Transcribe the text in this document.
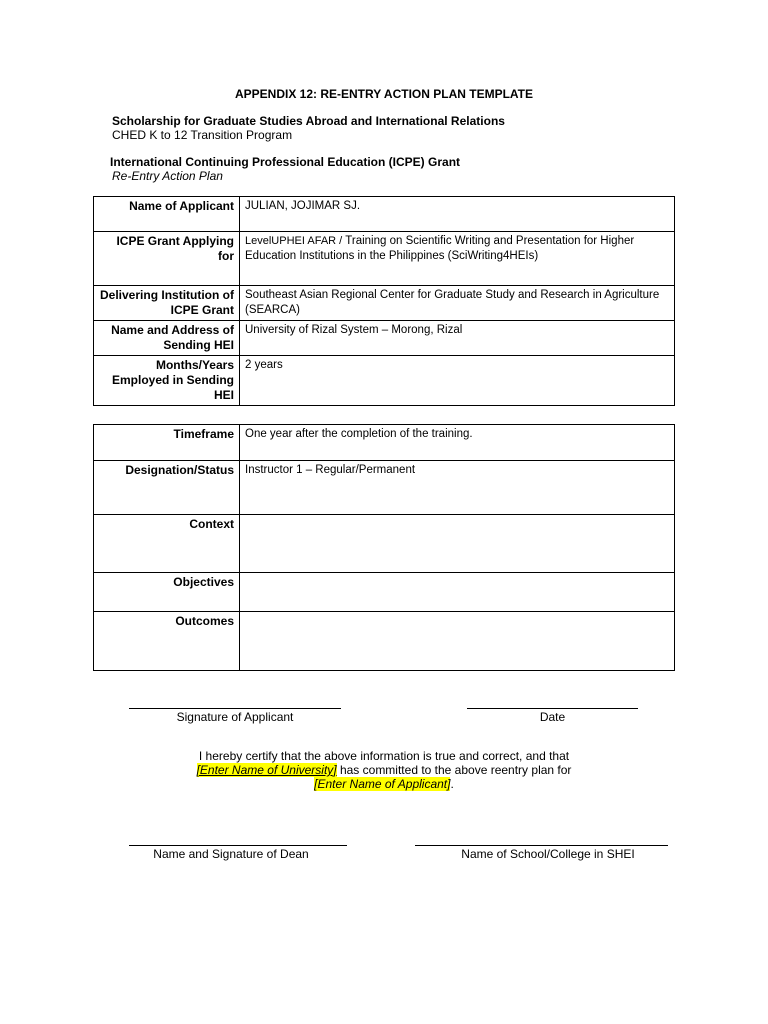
APPENDIX 12: RE-ENTRY ACTION PLAN TEMPLATE
Scholarship for Graduate Studies Abroad and International Relations
CHED K to 12 Transition Program
International Continuing Professional Education (ICPE) Grant
Re-Entry Action Plan
Name of Applicant	JULIAN, JOJIMAR SJ.
ICPE Grant Applying for	LevelUPHEI AFAR / Training on Scientific Writing and Presentation for Higher Education Institutions in the Philippines (SciWriting4HEIs)
Delivering Institution of ICPE Grant	Southeast Asian Regional Center for Graduate Study and Research in Agriculture (SEARCA)
Name and Address of Sending HEI	University of Rizal System – Morong, Rizal
Months/Years Employed in Sending HEI	2 years
Timeframe	One year after the completion of the training.
Designation/Status	Instructor 1 – Regular/Permanent
Context	
Objectives	
Outcomes	
Signature of Applicant	Date
I hereby certify that the above information is true and correct, and that
[Enter Name of University] has committed to the above reentry plan for
[Enter Name of Applicant].
Name and Signature of Dean	Name of School/College in SHEI
